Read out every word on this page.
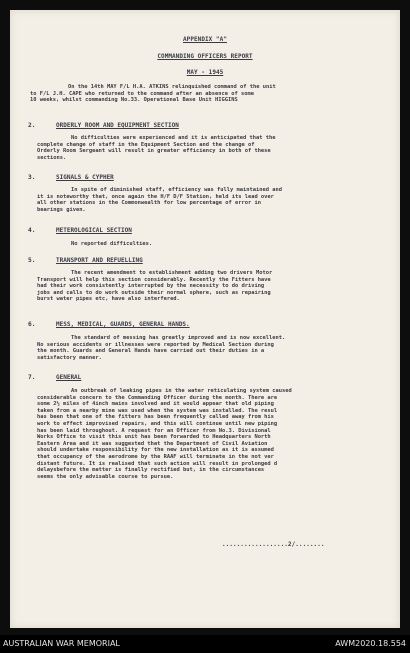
APPENDIX "A"
COMMANDING OFFICERS REPORT
MAY - 1945
On the 14th MAY F/L H.A. ATKINS relinquished command of the unit
to F/L J.H. CAPE who returned to the command after an absence of some
10 weeks, whilst commanding No.33. Operational Base Unit HIGGINS
2.	ORDERLY ROOM AND EQUIPMENT SECTION
No difficulties were experienced and it is anticipated that the
complete change of staff in the Equipment Section and the change of
Orderly Room Sergeant will result in greater efficiency in both of these
sections.
3.	SIGNALS & CYPHER
In spite of diminished staff, efficiency was fully maintained and
it is noteworthy that, once again the H/F D/F Station, held its lead over
all other stations in the Commonwealth for low percentage of error in
bearings given.
4.	METEROLOGICAL SECTION
No reported difficulties.
5.	TRANSPORT AND REFUELLING
The recent amendment to establishment adding two drivers Motor
Transport will help this section considerably. Recently the Fitters have
had their work consistently interrupted by the necessity to do driving
jobs and calls to do work outside their normal sphere, such as repairing
burst water pipes etc, have also interfered.
6.	MESS, MEDICAL, GUARDS, GENERAL HANDS.
The standard of messing has greatly improved and is now excellent.
No serious accidents or illnesses were reported by Medical Section during
the month. Guards and General Hands have carried out their duties in a
satisfactory manner.
7.	GENERAL
An outbreak of leaking pipes in the water reticulating system caused
considerable concern to the Commanding Officer during the month. There are
some 2½ miles of 4inch mains involved and it would appear that old piping
taken from a nearby mine was used when the system was installed. The resul
has been that one of the fitters has been frequently called away from his
work to effect improvised repairs, and this will continue until new piping
has been laid throughout. A request for an Officer from No.3. Divisional
Works Office to visit this unit has been forwarded to Headquarters North
Eastern Area and it was suggested that the Department of Civil Aviation
should undertake responsibility for the new installation as it is assumed
that occupancy of the aerodrome by the RAAF will terminate in the not ver
distant future. It is realised that such action will result in prolonged d
delaysbefore the matter is finally rectified but, in the circumstances
seems the only advisable course to pursue.
..................2/........
AUSTRALIAN WAR MEMORIAL	AWM2020.18.554
